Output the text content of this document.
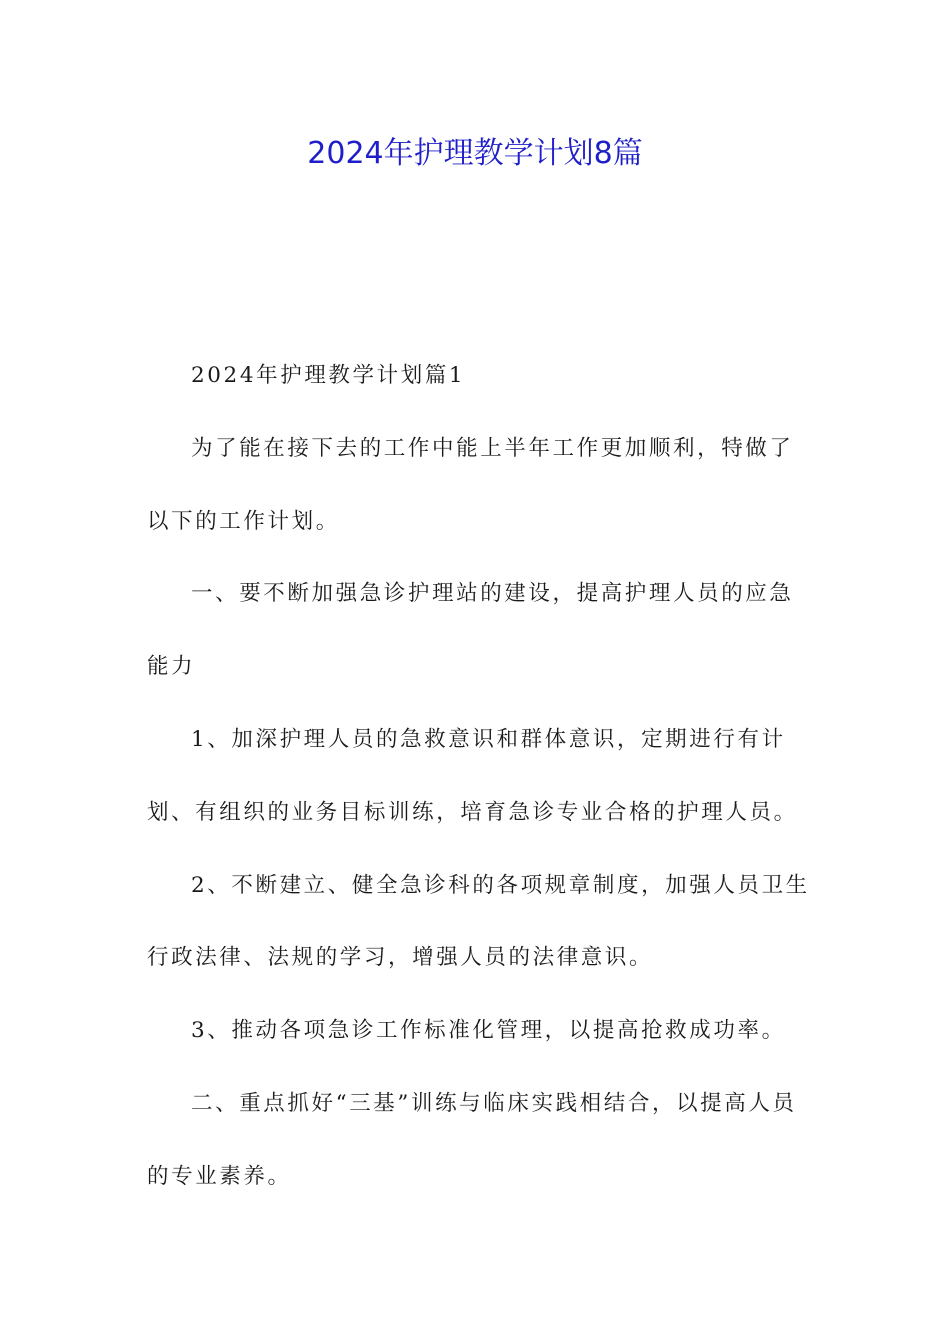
2024年护理教学计划8篇

2024年护理教学计划篇1

为了能在接下去的工作中能上半年工作更加顺利，特做了以下的工作计划。

一、要不断加强急诊护理站的建设，提高护理人员的应急能力

1、加深护理人员的急救意识和群体意识，定期进行有计划、有组织的业务目标训练，培育急诊专业合格的护理人员。

2、不断建立、健全急诊科的各项规章制度，加强人员卫生行政法律、法规的学习，增强人员的法律意识。

3、推动各项急诊工作标准化管理，以提高抢救成功率。

二、重点抓好“三基”训练与临床实践相结合，以提高人员的专业素养。
